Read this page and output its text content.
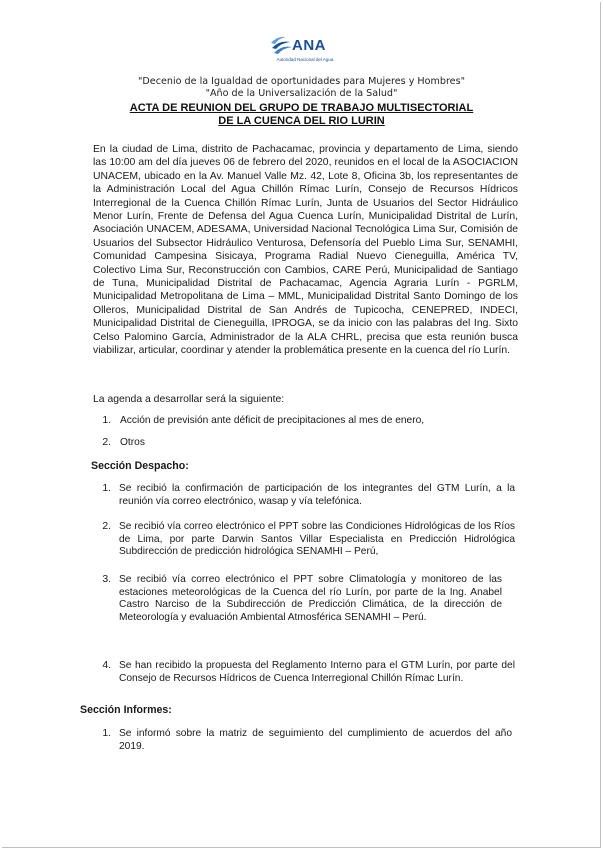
ANA
Autoridad Nacional del Agua
"Decenio de la Igualdad de oportunidades para Mujeres y Hombres"
"Año de la Universalización de la Salud"
ACTA DE REUNION DEL GRUPO DE TRABAJO MULTISECTORIAL
DE LA CUENCA DEL RIO LURIN

En la ciudad de Lima, distrito de Pachacamac, provincia y departamento de Lima, siendo las 10:00 am del día jueves 06 de febrero del 2020, reunidos en el local de la ASOCIACION UNACEM, ubicado en la Av. Manuel Valle Mz. 42, Lote 8, Oficina 3b, los representantes de la Administración Local del Agua Chillón Rímac Lurín, Consejo de Recursos Hídricos Interregional de la Cuenca Chillón Rímac Lurín, Junta de Usuarios del Sector Hidráulico Menor Lurín, Frente de Defensa del Agua Cuenca Lurín, Municipalidad Distrital de Lurín, Asociación UNACEM, ADESAMA, Universidad Nacional Tecnológica Lima Sur, Comisión de Usuarios del Subsector Hidráulico Venturosa, Defensoría del Pueblo Lima Sur, SENAMHI, Comunidad Campesina Sisicaya, Programa Radial Nuevo Cieneguilla, América TV, Colectivo Lima Sur, Reconstrucción con Cambios, CARE Perú, Municipalidad de Santiago de Tuna, Municipalidad Distrital de Pachacamac, Agencia Agraria Lurín - PGRLM, Municipalidad Metropolitana de Lima – MML, Municipalidad Distrital Santo Domingo de los Olleros, Municipalidad Distrital de San Andrés de Tupicocha, CENEPRED, INDECI, Municipalidad Distrital de Cieneguilla, IPROGA, se da inicio con las palabras del Ing. Sixto Celso Palomino García, Administrador de la ALA CHRL, precisa que esta reunión busca viabilizar, articular, coordinar y atender la problemática presente en la cuenca del río Lurín.

La agenda a desarrollar será la siguiente:

1. Acción de previsión ante déficit de precipitaciones al mes de enero,

2. Otros

Sección Despacho:

1. Se recibió la confirmación de participación de los integrantes del GTM Lurín, a la reunión vía correo electrónico, wasap y vía telefónica.

2. Se recibió vía correo electrónico el PPT sobre las Condiciones Hidrológicas de los Ríos de Lima, por parte Darwin Santos Villar Especialista en Predicción Hidrológica Subdirección de predicción hidrológica SENAMHI – Perú,

3. Se recibió vía correo electrónico el PPT sobre Climatología y monitoreo de las estaciones meteorológicas de la Cuenca del río Lurín, por parte de la Ing. Anabel Castro Narciso de la Subdirección de Predicción Climática, de la dirección de Meteorología y evaluación Ambiental Atmosférica SENAMHI – Perú.

4. Se han recibido la propuesta del Reglamento Interno para el GTM Lurín, por parte del Consejo de Recursos Hídricos de Cuenca Interregional Chillón Rímac Lurín.

Sección Informes:

1. Se informó sobre la matriz de seguimiento del cumplimiento de acuerdos del año 2019.
